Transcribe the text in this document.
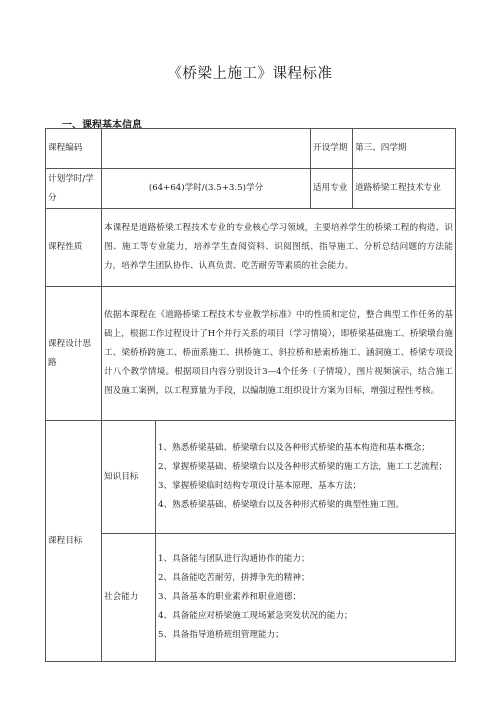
《桥梁上施工》课程标准
一、课程基本信息
课程编码			开设学期	第三、四学期
计划学时/学分	(64+64)学时/(3.5+3.5)学分		适用专业	道路桥梁工程技术专业
课程性质	本课程是道路桥梁工程技术专业的专业核心学习领域，主要培养学生的桥梁工程的构造、识图、施工等专业能力，培养学生查阅资料、识阅图纸、指导施工、分析总结问题的方法能力，培养学生团队协作、认真负责、吃苦耐劳等素质的社会能力。			
课程设计思路	依据本课程在《道路桥梁工程技术专业教学标准》中的性质和定位，整合典型工作任务的基础上，根据工作过程设计了H个并行关系的项目（学习情境），即桥梁基础施工、桥梁墩台施工、梁桥桥跨施工、桥面系施工、拱桥施工、斜拉桥和悬索桥施工、涵洞施工、桥梁专项设计八个教学情境。根据项目内容分别设计3—4个任务（子情境），图片视频演示，结合施工图及施工案例，以工程算量为手段，以编制施工组织设计方案为目标，增强过程性考核。			
课程目标	知识目标	1、熟悉桥梁基础、桥梁墩台以及各种形式桥梁的基本构造和基本概念；
2、掌握桥梁基础、桥梁墩台以及各种形式桥梁的施工方法，施工工艺流程；
3、掌握桥梁临时结构专项设计基本原理、基本方法；
4、熟悉桥梁基础、桥梁墩台以及各种形式桥梁的典型性施工图。		

	社会能力	1、具备能与团队进行沟通协作的能力；
2、具备能吃苦耐劳，拼搏争先的精神；
3、具备基本的职业素养和职业道德；
4、具备能应对桥梁施工现场紧急突发状况的能力；
5、具备指导道桥班组管理能力；		
